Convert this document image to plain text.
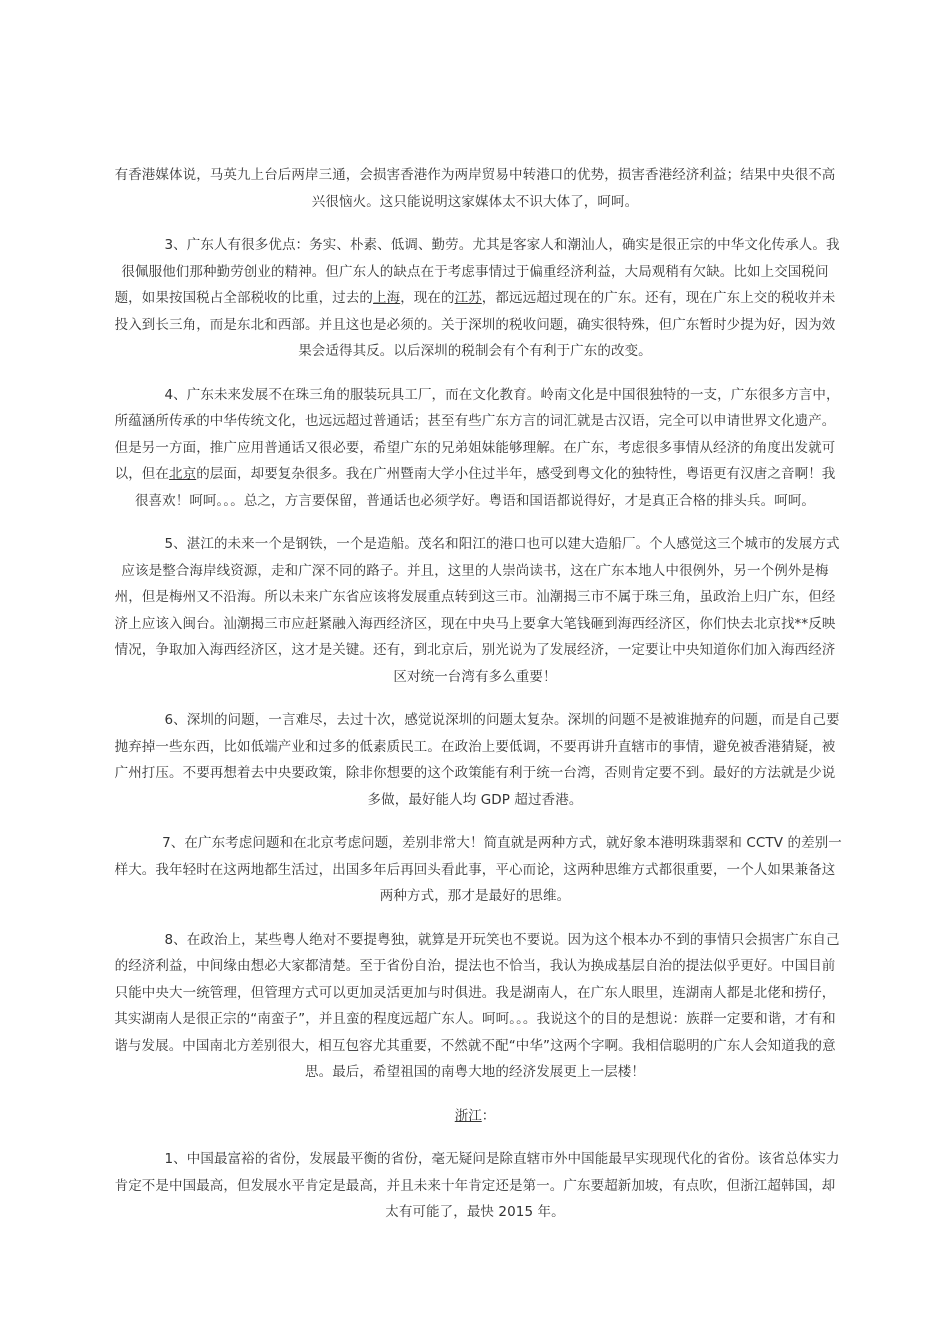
有香港媒体说，马英九上台后两岸三通，会损害香港作为两岸贸易中转港口的优势，损害香港经济利益；结果中央很不高兴很恼火。这只能说明这家媒体太不识大体了，呵呵。

3、广东人有很多优点：务实、朴素、低调、勤劳。尤其是客家人和潮汕人，确实是很正宗的中华文化传承人。我很佩服他们那种勤劳创业的精神。但广东人的缺点在于考虑事情过于偏重经济利益，大局观稍有欠缺。比如上交国税问题，如果按国税占全部税收的比重，过去的上海，现在的江苏，都远远超过现在的广东。还有，现在广东上交的税收并未投入到长三角，而是东北和西部。并且这也是必须的。关于深圳的税收问题，确实很特殊，但广东暂时少提为好，因为效果会适得其反。以后深圳的税制会有个有利于广东的改变。

4、广东未来发展不在珠三角的服装玩具工厂，而在文化教育。岭南文化是中国很独特的一支，广东很多方言中，所蕴涵所传承的中华传统文化，也远远超过普通话；甚至有些广东方言的词汇就是古汉语，完全可以申请世界文化遗产。但是另一方面，推广应用普通话又很必要，希望广东的兄弟姐妹能够理解。在广东，考虑很多事情从经济的角度出发就可以，但在北京的层面，却要复杂很多。我在广州暨南大学小住过半年，感受到粤文化的独特性，粤语更有汉唐之音啊！我很喜欢！呵呵。。。总之，方言要保留，普通话也必须学好。粤语和国语都说得好，才是真正合格的排头兵。呵呵。

5、湛江的未来一个是钢铁，一个是造船。茂名和阳江的港口也可以建大造船厂。个人感觉这三个城市的发展方式应该是整合海岸线资源，走和广深不同的路子。并且，这里的人崇尚读书，这在广东本地人中很例外，另一个例外是梅州，但是梅州又不沿海。所以未来广东省应该将发展重点转到这三市。汕潮揭三市不属于珠三角，虽政治上归广东，但经济上应该入闽台。汕潮揭三市应赶紧融入海西经济区，现在中央马上要拿大笔钱砸到海西经济区，你们快去北京找**反映情况，争取加入海西经济区，这才是关键。还有，到北京后，别光说为了发展经济，一定要让中央知道你们加入海西经济区对统一台湾有多么重要！

6、深圳的问题，一言难尽，去过十次，感觉说深圳的问题太复杂。深圳的问题不是被谁抛弃的问题，而是自己要抛弃掉一些东西，比如低端产业和过多的低素质民工。在政治上要低调，不要再讲升直辖市的事情，避免被香港猜疑，被广州打压。不要再想着去中央要政策，除非你想要的这个政策能有利于统一台湾，否则肯定要不到。最好的方法就是少说多做，最好能人均 GDP 超过香港。

7、在广东考虑问题和在北京考虑问题，差别非常大！简直就是两种方式，就好象本港明珠翡翠和 CCTV 的差别一样大。我年轻时在这两地都生活过，出国多年后再回头看此事，平心而论，这两种思维方式都很重要，一个人如果兼备这两种方式，那才是最好的思维。

8、在政治上，某些粤人绝对不要提粤独，就算是开玩笑也不要说。因为这个根本办不到的事情只会损害广东自己的经济利益，中间缘由想必大家都清楚。至于省份自治，提法也不恰当，我认为换成基层自治的提法似乎更好。中国目前只能中央大一统管理，但管理方式可以更加灵活更加与时俱进。我是湖南人，在广东人眼里，连湖南人都是北佬和捞仔，其实湖南人是很正宗的“南蛮子”，并且蛮的程度远超广东人。呵呵。。。我说这个的目的是想说：族群一定要和谐，才有和谐与发展。中国南北方差别很大，相互包容尤其重要，不然就不配“中华”这两个字啊。我相信聪明的广东人会知道我的意思。最后，希望祖国的南粤大地的经济发展更上一层楼！

浙江：

1、中国最富裕的省份，发展最平衡的省份，毫无疑问是除直辖市外中国能最早实现现代化的省份。该省总体实力肯定不是中国最高，但发展水平肯定是最高，并且未来十年肯定还是第一。广东要超新加坡，有点吹，但浙江超韩国，却太有可能了，最快 2015 年。
